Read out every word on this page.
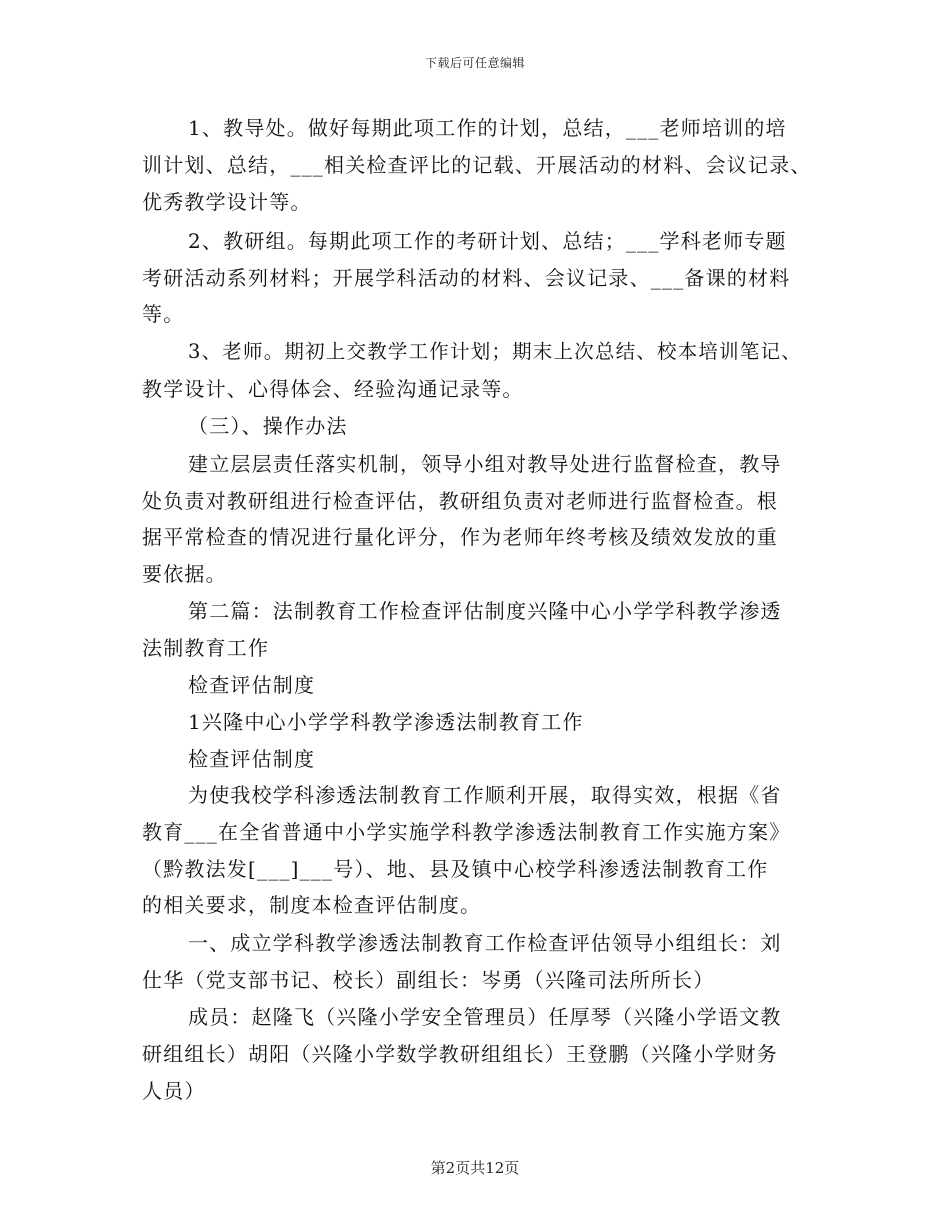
下载后可任意编辑
1、教导处。做好每期此项工作的计划，总结，___老师培训的培
训计划、总结，___相关检查评比的记载、开展活动的材料、会议记录、
优秀教学设计等。
2、教研组。每期此项工作的考研计划、总结；___学科老师专题
考研活动系列材料；开展学科活动的材料、会议记录、___备课的材料
等。
3、老师。期初上交教学工作计划；期末上次总结、校本培训笔记、
教学设计、心得体会、经验沟通记录等。
（三）、操作办法
建立层层责任落实机制，领导小组对教导处进行监督检查，教导
处负责对教研组进行检查评估，教研组负责对老师进行监督检查。根
据平常检查的情况进行量化评分，作为老师年终考核及绩效发放的重
要依据。
第二篇：法制教育工作检查评估制度兴隆中心小学学科教学渗透
法制教育工作
检查评估制度
1兴隆中心小学学科教学渗透法制教育工作
检查评估制度
为使我校学科渗透法制教育工作顺利开展，取得实效，根据《省
教育___在全省普通中小学实施学科教学渗透法制教育工作实施方案》
（黔教法发[___]___号）、地、县及镇中心校学科渗透法制教育工作
的相关要求，制度本检查评估制度。
一、成立学科教学渗透法制教育工作检查评估领导小组组长：刘
仕华（党支部书记、校长）副组长：岑勇（兴隆司法所所长）
成员：赵隆飞（兴隆小学安全管理员）任厚琴（兴隆小学语文教
研组组长）胡阳（兴隆小学数学教研组组长）王登鹏（兴隆小学财务
人员）
第2页共12页
